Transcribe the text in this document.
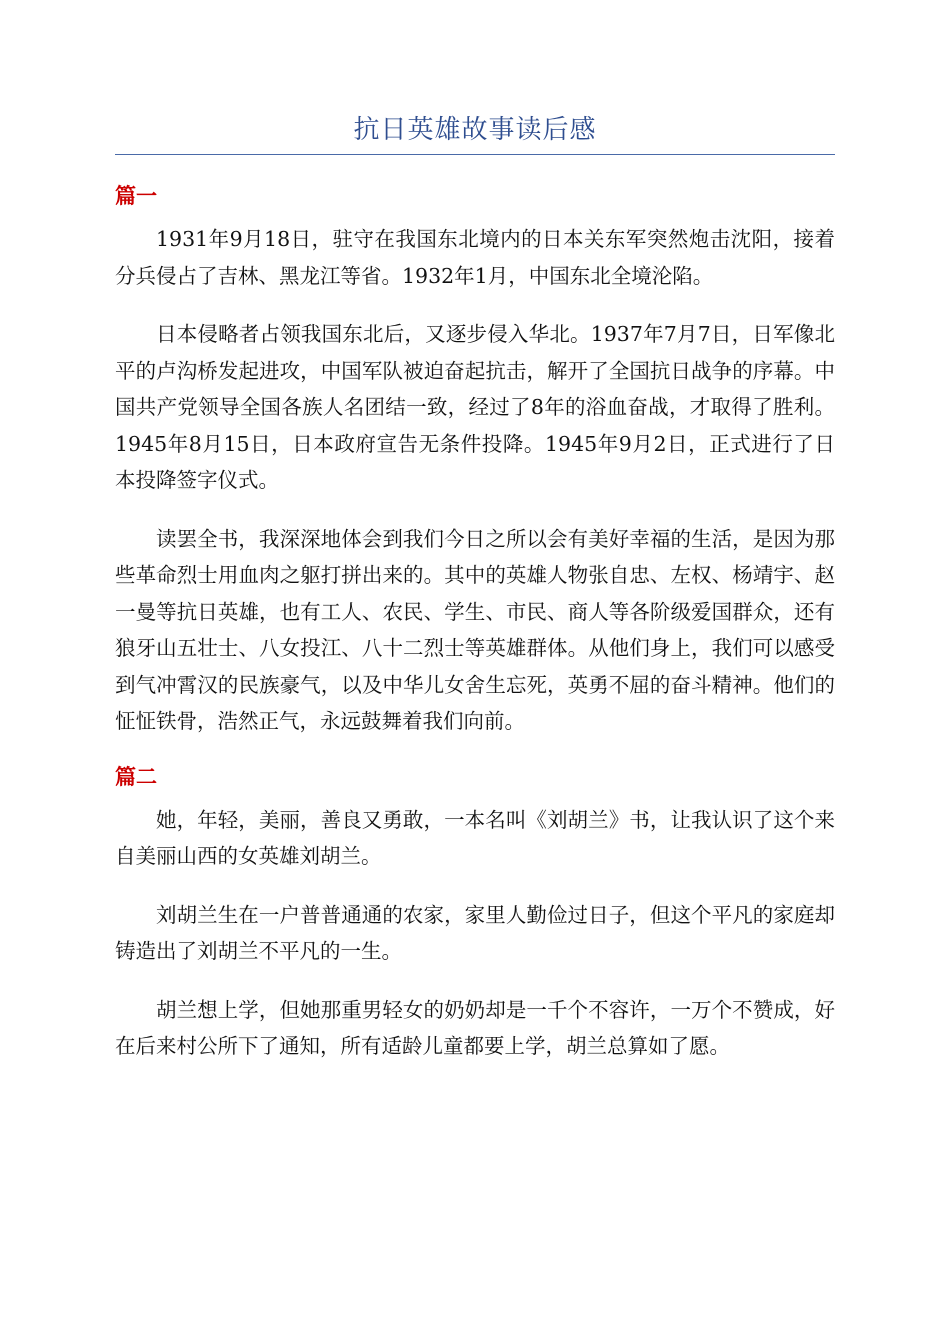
抗日英雄故事读后感
篇一

1931年9月18日，驻守在我国东北境内的日本关东军突然炮击沈阳，接着分兵侵占了吉林、黑龙江等省。1932年1月，中国东北全境沦陷。

日本侵略者占领我国东北后，又逐步侵入华北。1937年7月7日，日军像北平的卢沟桥发起进攻，中国军队被迫奋起抗击，解开了全国抗日战争的序幕。中国共产党领导全国各族人名团结一致，经过了8年的浴血奋战，才取得了胜利。1945年8月15日，日本政府宣告无条件投降。1945年9月2日，正式进行了日本投降签字仪式。

读罢全书，我深深地体会到我们今日之所以会有美好幸福的生活，是因为那些革命烈士用血肉之躯打拼出来的。其中的英雄人物张自忠、左权、杨靖宇、赵一曼等抗日英雄，也有工人、农民、学生、市民、商人等各阶级爱国群众，还有狼牙山五壮士、八女投江、八十二烈士等英雄群体。从他们身上，我们可以感受到气冲霄汉的民族豪气，以及中华儿女舍生忘死，英勇不屈的奋斗精神。他们的怔怔铁骨，浩然正气，永远鼓舞着我们向前。

篇二

她，年轻，美丽，善良又勇敢，一本名叫《刘胡兰》书，让我认识了这个来自美丽山西的女英雄刘胡兰。

刘胡兰生在一户普普通通的农家，家里人勤俭过日子，但这个平凡的家庭却铸造出了刘胡兰不平凡的一生。

胡兰想上学，但她那重男轻女的奶奶却是一千个不容许，一万个不赞成，好在后来村公所下了通知，所有适龄儿童都要上学，胡兰总算如了愿。
